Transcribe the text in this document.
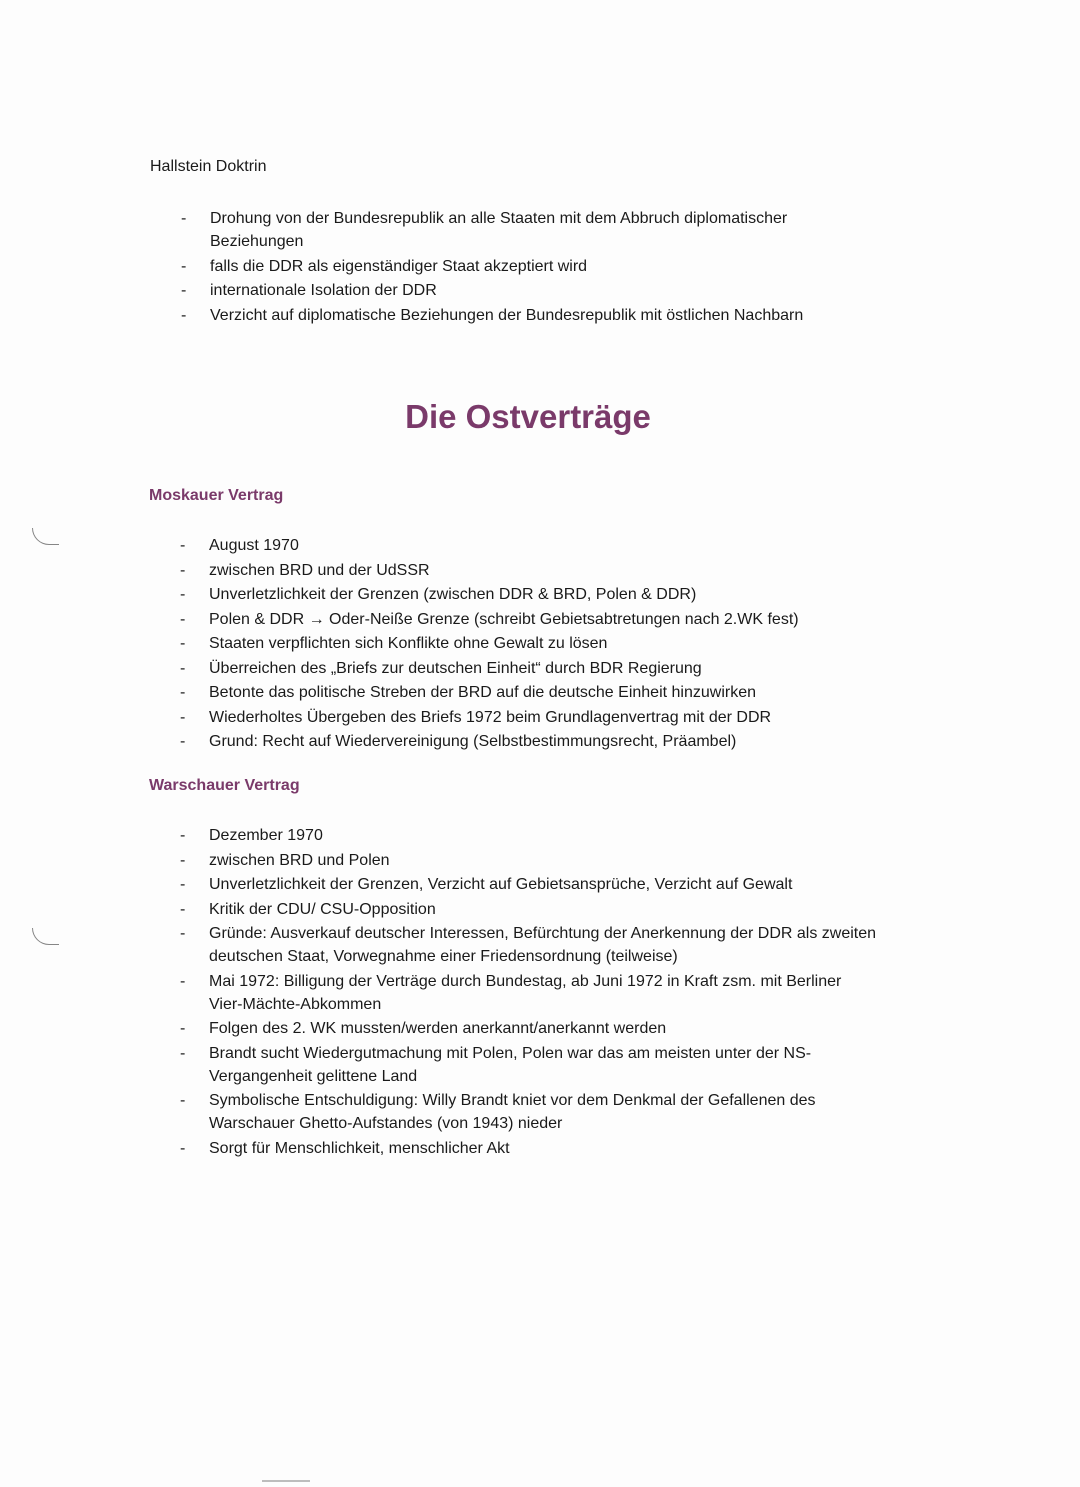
Hallstein Doktrin
- Drohung von der Bundesrepublik an alle Staaten mit dem Abbruch diplomatischer Beziehungen
- falls die DDR als eigenständiger Staat akzeptiert wird
- internationale Isolation der DDR
- Verzicht auf diplomatische Beziehungen der Bundesrepublik mit östlichen Nachbarn
Die Ostverträge
Moskauer Vertrag
- August 1970
- zwischen BRD und der UdSSR
- Unverletzlichkeit der Grenzen (zwischen DDR & BRD, Polen & DDR)
- Polen & DDR → Oder-Neiße Grenze (schreibt Gebietsabtretungen nach 2.WK fest)
- Staaten verpflichten sich Konflikte ohne Gewalt zu lösen
- Überreichen des „Briefs zur deutschen Einheit“ durch BDR Regierung
- Betonte das politische Streben der BRD auf die deutsche Einheit hinzuwirken
- Wiederholtes Übergeben des Briefs 1972 beim Grundlagenvertrag mit der DDR
- Grund: Recht auf Wiedervereinigung (Selbstbestimmungsrecht, Präambel)
Warschauer Vertrag
- Dezember 1970
- zwischen BRD und Polen
- Unverletzlichkeit der Grenzen, Verzicht auf Gebietsansprüche, Verzicht auf Gewalt
- Kritik der CDU/ CSU-Opposition
- Gründe: Ausverkauf deutscher Interessen, Befürchtung der Anerkennung der DDR als zweiten deutschen Staat, Vorwegnahme einer Friedensordnung (teilweise)
- Mai 1972: Billigung der Verträge durch Bundestag, ab Juni 1972 in Kraft zsm. mit Berliner Vier-Mächte-Abkommen
- Folgen des 2. WK mussten/werden anerkannt/anerkannt werden
- Brandt sucht Wiedergutmachung mit Polen, Polen war das am meisten unter der NS-Vergangenheit gelittene Land
- Symbolische Entschuldigung: Willy Brandt kniet vor dem Denkmal der Gefallenen des Warschauer Ghetto-Aufstandes (von 1943) nieder
- Sorgt für Menschlichkeit, menschlicher Akt
